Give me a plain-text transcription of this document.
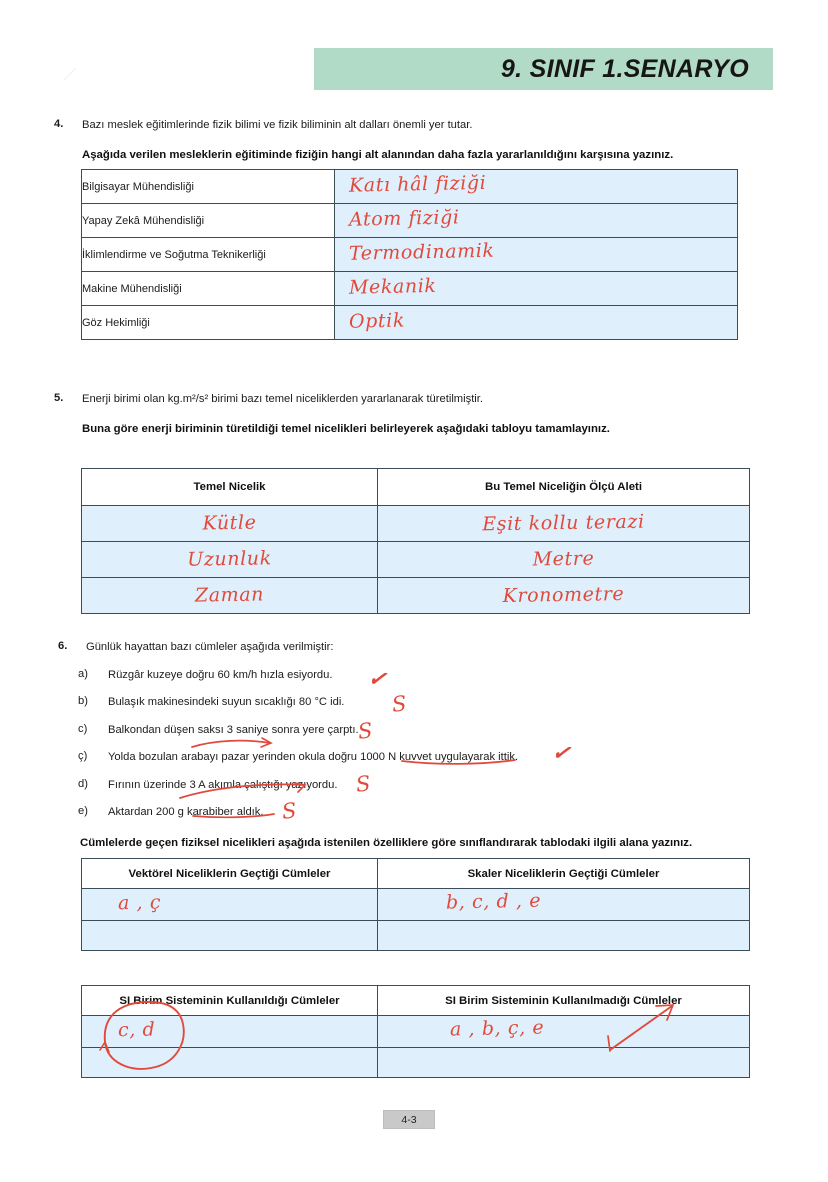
9. SINIF 1.SENARYO
4.	Bazı meslek eğitimlerinde fizik bilimi ve fizik biliminin alt dalları önemli yer tutar.
Aşağıda verilen mesleklerin eğitiminde fiziğin hangi alt alanından daha fazla yararlanıldığını karşısına yazınız.
Bilgisayar Mühendisliği	Katı hâl fiziği

Yapay Zekâ Mühendisliği	Atom fiziği

İklimlendirme ve Soğutma Teknikerliği	Termodinamik

Makine Mühendisliği	Mekanik

Göz Hekimliği	Optik
5.	Enerji birimi olan kg.m²/s² birimi bazı temel niceliklerden yararlanarak türetilmiştir.
Buna göre enerji biriminin türetildiği temel nicelikleri belirleyerek aşağıdaki tabloyu tamamlayınız.
Temel Nicelik	Bu Temel Niceliğin Ölçü Aleti

Kütle	Eşit kollu terazi

Uzunluk	Metre

Zaman	Kronometre
6.	Günlük hayattan bazı cümleler aşağıda verilmiştir:
a)	Rüzgâr kuzeye doğru 60 km/h hızla esiyordu.
b)	Bulaşık makinesindeki suyun sıcaklığı 80 °C idi.
c)	Balkondan düşen saksı 3 saniye sonra yere çarptı.
ç)	Yolda bozulan arabayı pazar yerinden okula doğru 1000 N kuvvet uygulayarak ittik.
d)	Fırının üzerinde 3 A akımla çalıştığı yazıyordu.
e)	Aktardan 200 g karabiber aldık.
Cümlelerde geçen fiziksel nicelikleri aşağıda istenilen özelliklere göre sınıflandırarak tablodaki ilgili alana yazınız.
✓
S
S
✓
S
S
Vektörel Niceliklerin Geçtiği Cümleler	Skaler Niceliklerin Geçtiği Cümleler

a , ç	b, c, d , e

SI Birim Sisteminin Kullanıldığı Cümleler	SI Birim Sisteminin Kullanılmadığı Cümleler

c, d	a , b, ç, e

4-3
